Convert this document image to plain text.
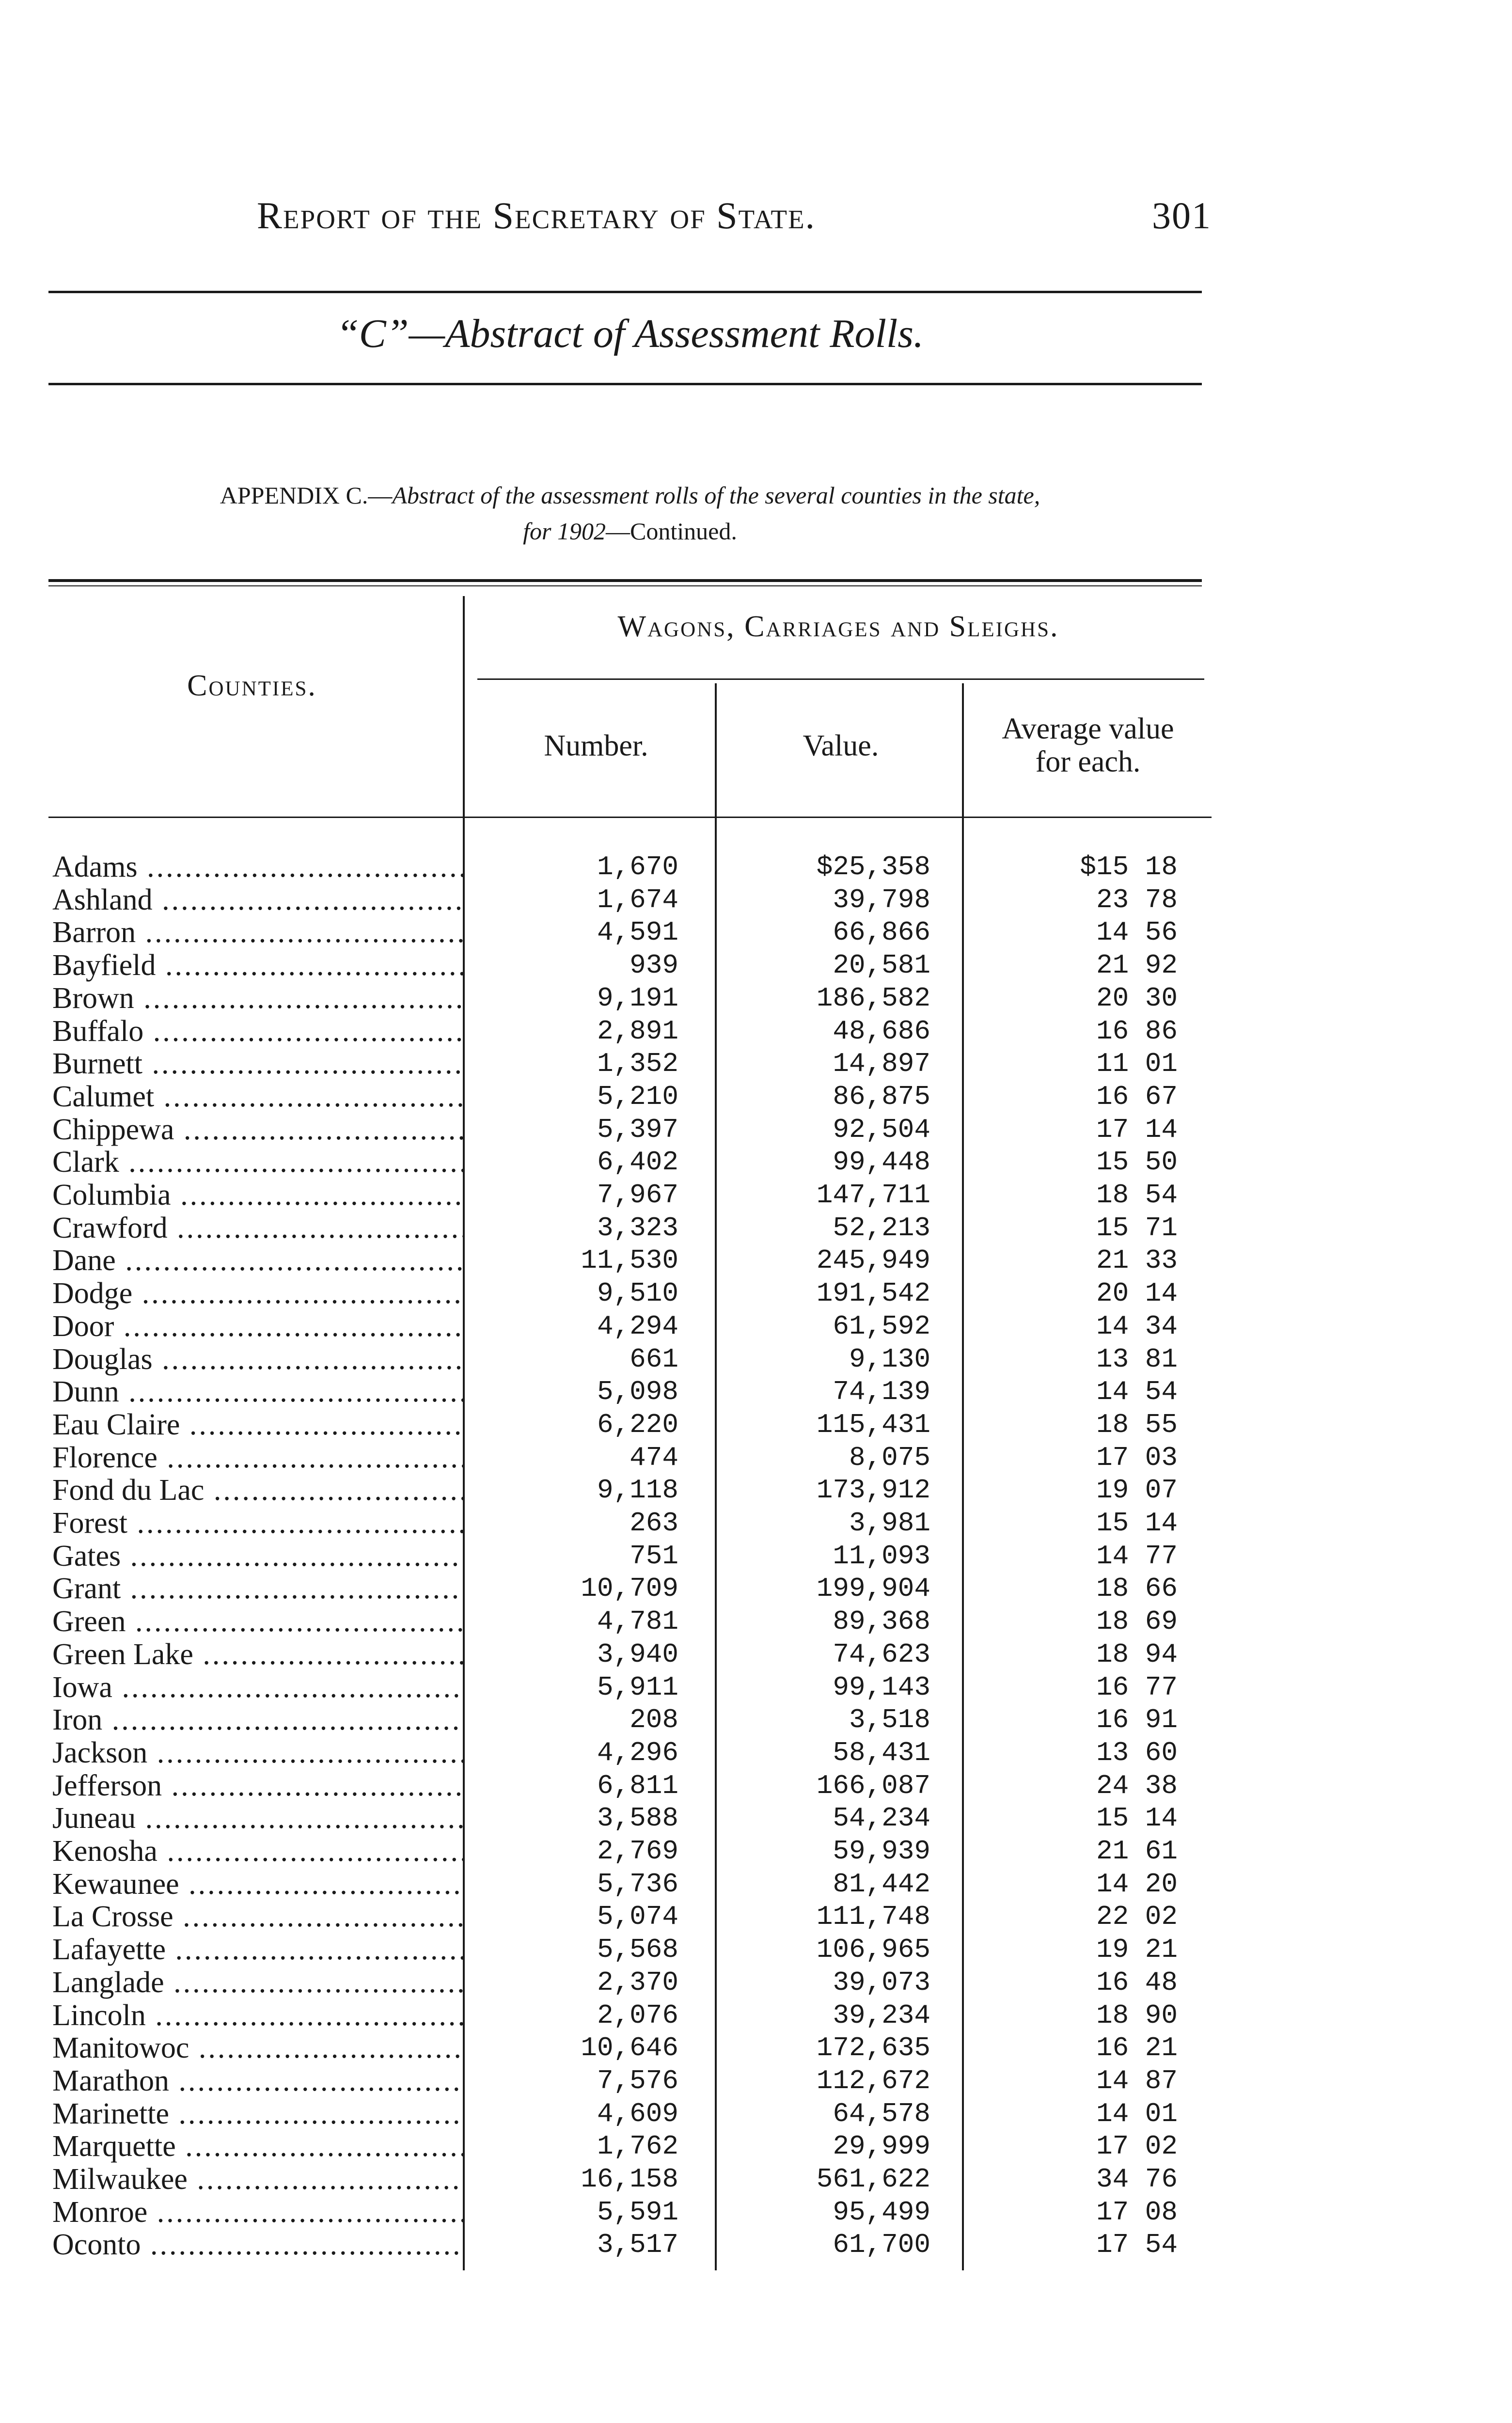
Report of the Secretary of State.	301
“C”—Abstract of Assessment Rolls.
APPENDIX C.—Abstract of the assessment rolls of the several counties in the state,
for 1902—Continued.
Counties.
Wagons, Carriages and Sleighs.
Number.	Value.
Average value
for each.
Adams .....	1,670	$25,358	$15 18
Ashland .....	1,674	39,798	23 78
Barron .....	4,591	66,866	14 56
Bayfield .....	939	20,581	21 92
Brown .....	9,191	186,582	20 30
Buffalo .....	2,891	48,686	16 86
Burnett .....	1,352	14,897	11 01
Calumet .....	5,210	86,875	16 67
Chippewa .....	5,397	92,504	17 14
Clark .....	6,402	99,448	15 50
Columbia .....	7,967	147,711	18 54
Crawford .....	3,323	52,213	15 71
Dane .....	11,530	245,949	21 33
Dodge .....	9,510	191,542	20 14
Door .....	4,294	61,592	14 34
Douglas .....	661	9,130	13 81
Dunn .....	5,098	74,139	14 54
Eau Claire .....	6,220	115,431	18 55
Florence .....	474	8,075	17 03
Fond du Lac .....	9,118	173,912	19 07
Forest .....	263	3,981	15 14
Gates .....	751	11,093	14 77
Grant .....	10,709	199,904	18 66
Green .....	4,781	89,368	18 69
Green Lake .....	3,940	74,623	18 94
Iowa .....	5,911	99,143	16 77
Iron .....	208	3,518	16 91
Jackson .....	4,296	58,431	13 60
Jefferson .....	6,811	166,087	24 38
Juneau .....	3,588	54,234	15 14
Kenosha .....	2,769	59,939	21 61
Kewaunee .....	5,736	81,442	14 20
La Crosse .....	5,074	111,748	22 02
Lafayette .....	5,568	106,965	19 21
Langlade .....	2,370	39,073	16 48
Lincoln .....	2,076	39,234	18 90
Manitowoc .....	10,646	172,635	16 21
Marathon .....	7,576	112,672	14 87
Marinette .....	4,609	64,578	14 01
Marquette .....	1,762	29,999	17 02
Milwaukee .....	16,158	561,622	34 76
Monroe .....	5,591	95,499	17 08
Oconto .....	3,517	61,700	17 54
